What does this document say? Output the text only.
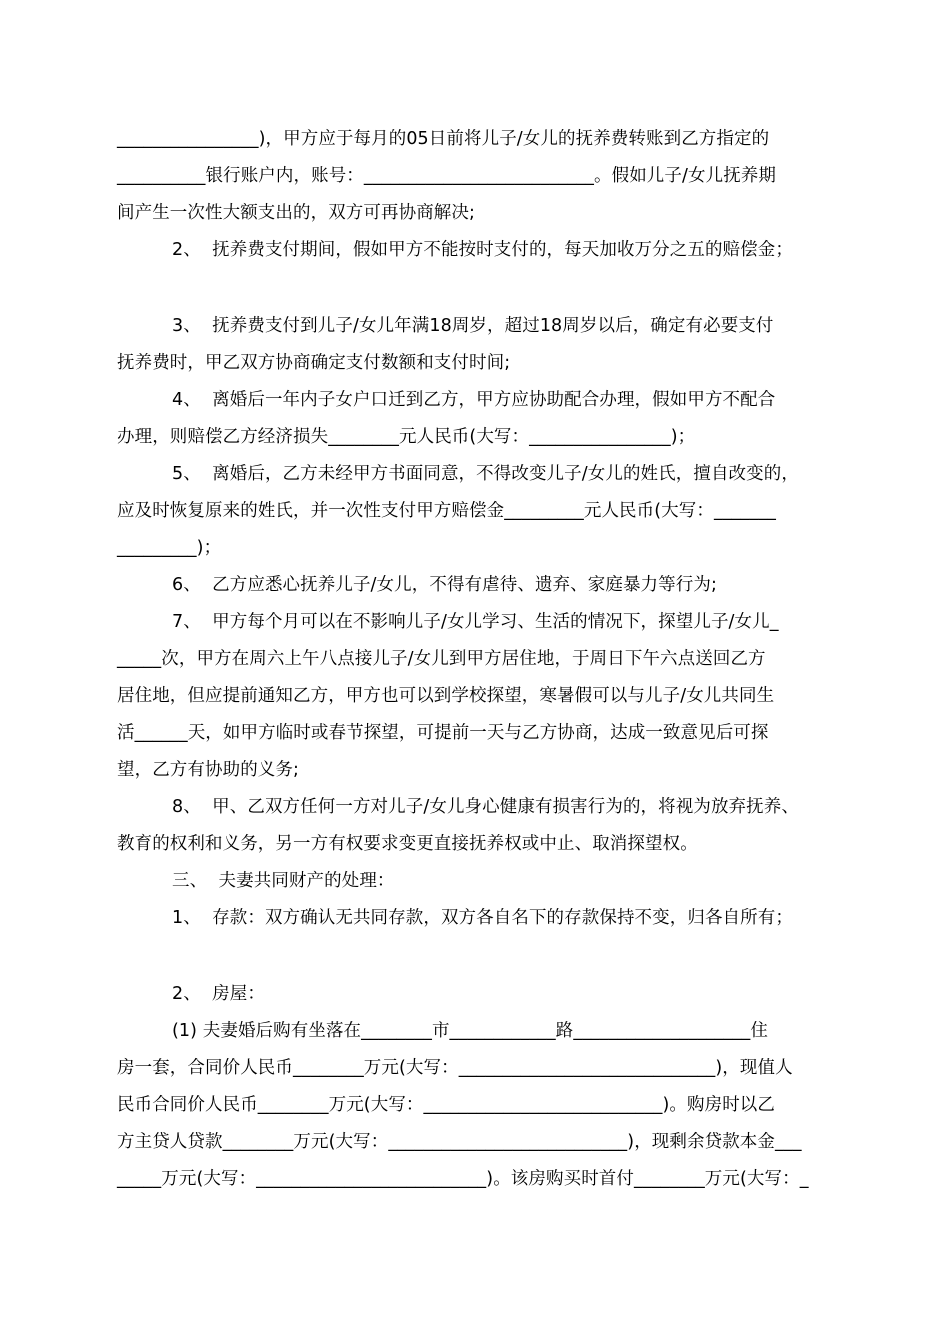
________________)，甲方应于每月的05日前将儿子/女儿的抚养费转账到乙方指定的
__________银行账户内，账号：__________________________。假如儿子/女儿抚养期
间产生一次性大额支出的，双方可再协商解决;
2、  抚养费支付期间，假如甲方不能按时支付的，每天加收万分之五的赔偿金；
3、  抚养费支付到儿子/女儿年满18周岁，超过18周岁以后，确定有必要支付
抚养费时，甲乙双方协商确定支付数额和支付时间;
4、  离婚后一年内子女户口迁到乙方，甲方应协助配合办理，假如甲方不配合
办理，则赔偿乙方经济损失________元人民币(大写：________________)；
5、  离婚后，乙方未经甲方书面同意，不得改变儿子/女儿的姓氏，擅自改变的，
应及时恢复原来的姓氏，并一次性支付甲方赔偿金_________元人民币(大写：_______
_________)；
6、  乙方应悉心抚养儿子/女儿，不得有虐待、遗弃、家庭暴力等行为;
7、  甲方每个月可以在不影响儿子/女儿学习、生活的情况下，探望儿子/女儿_
_____次，甲方在周六上午八点接儿子/女儿到甲方居住地，于周日下午六点送回乙方
居住地，但应提前通知乙方，甲方也可以到学校探望，寒暑假可以与儿子/女儿共同生
活______天，如甲方临时或春节探望，可提前一天与乙方协商，达成一致意见后可探
望，乙方有协助的义务;
8、  甲、乙双方任何一方对儿子/女儿身心健康有损害行为的，将视为放弃抚养、
教育的权利和义务，另一方有权要求变更直接抚养权或中止、取消探望权。
三、  夫妻共同财产的处理：
1、  存款：双方确认无共同存款，双方各自名下的存款保持不变，归各自所有；
2、  房屋：
(1) 夫妻婚后购有坐落在________市____________路____________________住
房一套，合同价人民币________万元(大写：_____________________________)，现值人
民币合同价人民币________万元(大写：___________________________)。购房时以乙
方主贷人贷款________万元(大写：___________________________)，现剩余贷款本金___
_____万元(大写：__________________________)。该房购买时首付________万元(大写：_
